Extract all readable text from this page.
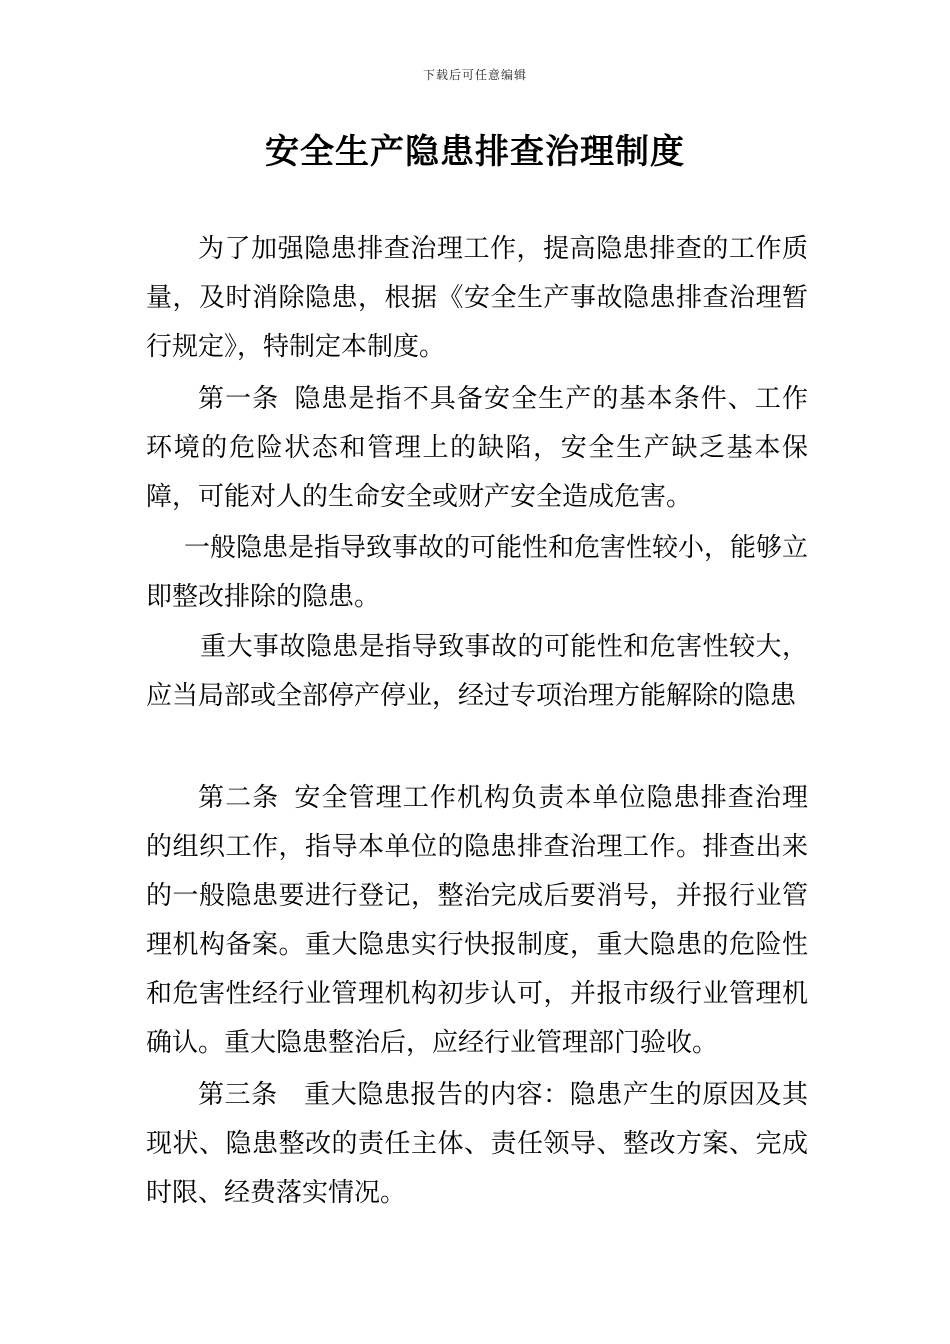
下载后可任意编辑
安全生产隐患排查治理制度

为了加强隐患排查治理工作，提高隐患排查的工作质量，及时消除隐患，根据《安全生产事故隐患排查治理暂行规定》，特制定本制度。

第一条 隐患是指不具备安全生产的基本条件、工作环境的危险状态和管理上的缺陷，安全生产缺乏基本保障，可能对人的生命安全或财产安全造成危害。

一般隐患是指导致事故的可能性和危害性较小，能够立即整改排除的隐患。

重大事故隐患是指导致事故的可能性和危害性较大，应当局部或全部停产停业，经过专项治理方能解除的隐患

第二条 安全管理工作机构负责本单位隐患排查治理的组织工作，指导本单位的隐患排查治理工作。排查出来的一般隐患要进行登记，整治完成后要消号，并报行业管理机构备案。重大隐患实行快报制度，重大隐患的危险性和危害性经行业管理机构初步认可，并报市级行业管理机确认。重大隐患整治后，应经行业管理部门验收。

第三条 重大隐患报告的内容：隐患产生的原因及其现状、隐患整改的责任主体、责任领导、整改方案、完成时限、经费落实情况。
